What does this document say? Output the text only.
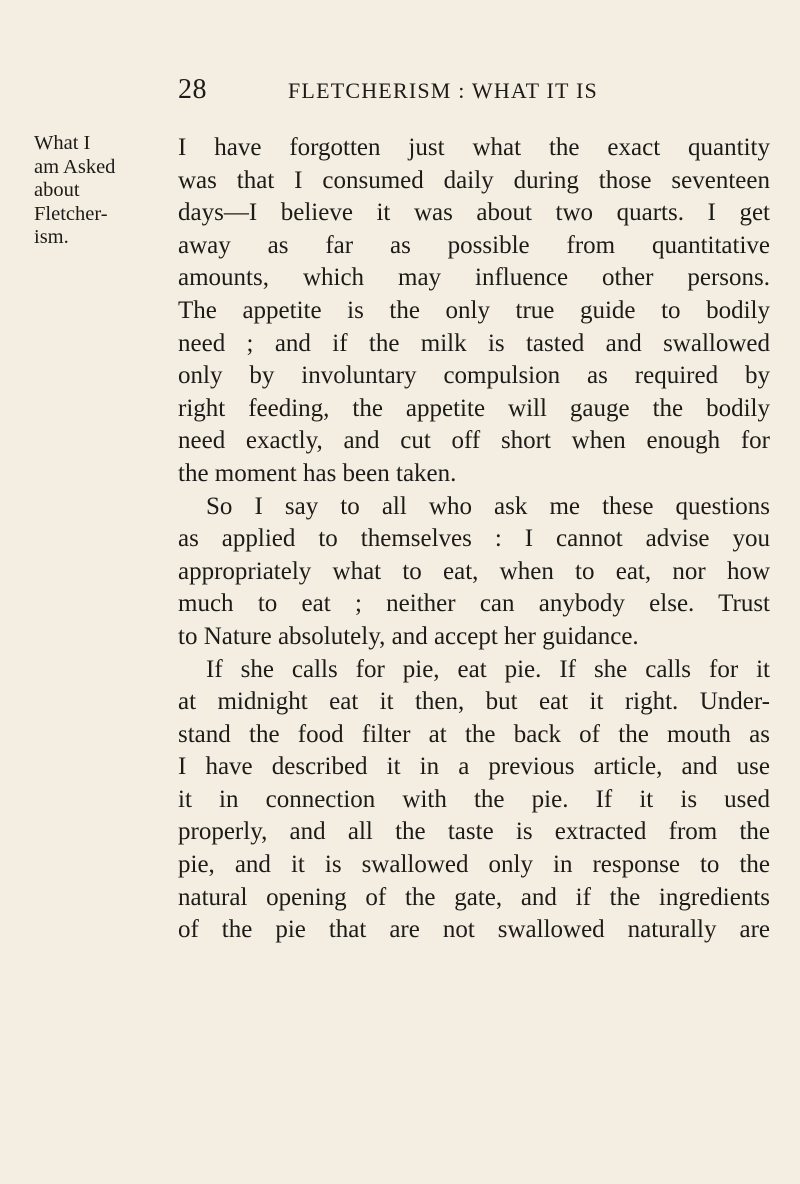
28	FLETCHERISM : WHAT IT IS
What I
am Asked
about
Fletcher-
ism.

I have forgotten just what the exact quantity
was that I consumed daily during those seventeen
days—I believe it was about two quarts. I get
away as far as possible from quantitative
amounts, which may influence other persons.
The appetite is the only true guide to bodily
need ; and if the milk is tasted and swallowed
only by involuntary compulsion as required by
right feeding, the appetite will gauge the bodily
need exactly, and cut off short when enough for
the moment has been taken.

So I say to all who ask me these questions
as applied to themselves : I cannot advise you
appropriately what to eat, when to eat, nor how
much to eat ; neither can anybody else. Trust
to Nature absolutely, and accept her guidance.

If she calls for pie, eat pie. If she calls for it
at midnight eat it then, but eat it right. Under-
stand the food filter at the back of the mouth as
I have described it in a previous article, and use
it in connection with the pie. If it is used
properly, and all the taste is extracted from the
pie, and it is swallowed only in response to the
natural opening of the gate, and if the ingredients
of the pie that are not swallowed naturally are
